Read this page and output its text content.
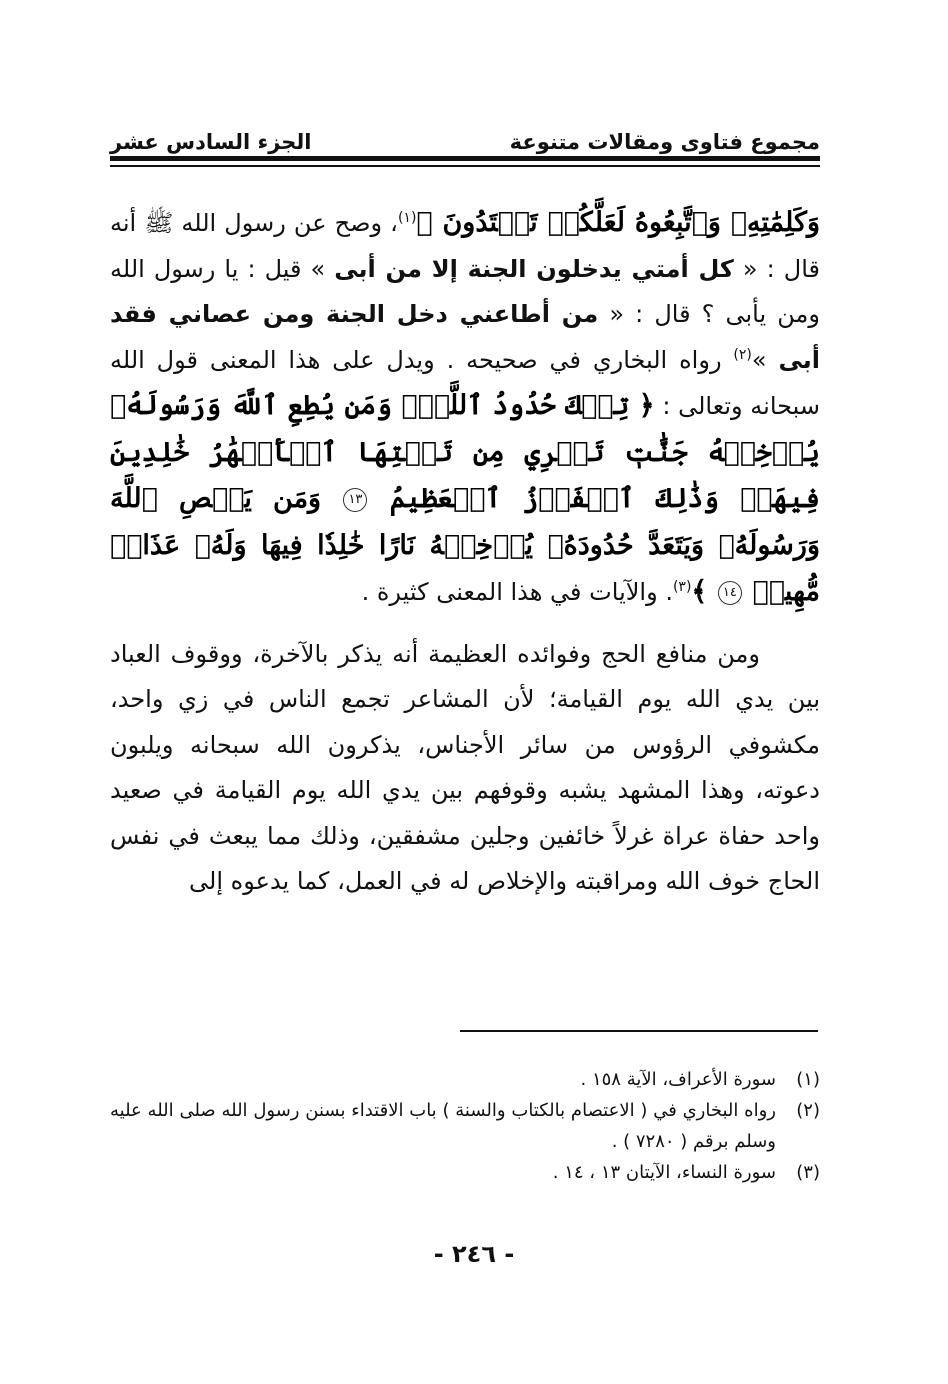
مجموع فتاوى ومقالات متنوعة
الجزء السادس عشر

وَكَلِمَٰتِهِۦ وَٱتَّبِعُوهُ لَعَلَّكُمۡ تَهۡتَدُونَ ﴾$^{(١)}$، وصح عن رسول الله ﷺ أنه قال : « كل أمتي يدخلون الجنة إلا من أبى » قيل : يا رسول الله ومن يأبى ؟ قال : « من أطاعني دخل الجنة ومن عصاني فقد أبى »$^{(٢)}$ رواه البخاري في صحيحه . ويدل على هذا المعنى قول الله سبحانه وتعالى : ﴿ تِلۡكَ حُدُودُ ٱللَّهِۚ وَمَن يُطِعِ ٱللَّهَ وَرَسُولَهُۥ يُدۡخِلۡهُ جَنَّٰتٖ تَجۡرِي مِن تَحۡتِهَا ٱلۡأَنۡهَٰرُ خَٰلِدِينَ فِيهَاۚ وَذَٰلِكَ ٱلۡفَوۡزُ ٱلۡعَظِيمُ ١٣ وَمَن يَعۡصِ ٱللَّهَ وَرَسُولَهُۥ وَيَتَعَدَّ حُدُودَهُۥ يُدۡخِلۡهُ نَارًا خَٰلِدٗا فِيهَا وَلَهُۥ عَذَابٞ مُّهِينٞ ١٤ ﴾$^{(٣)}$. والآيات في هذا المعنى كثيرة .

ومن منافع الحج وفوائده العظيمة أنه يذكر بالآخرة، ووقوف العباد بين يدي الله يوم القيامة؛ لأن المشاعر تجمع الناس في زي واحد، مكشوفي الرؤوس من سائر الأجناس، يذكرون الله سبحانه ويلبون دعوته، وهذا المشهد يشبه وقوفهم بين يدي الله يوم القيامة في صعيد واحد حفاة عراة غرلاً خائفين وجلين مشفقين، وذلك مما يبعث في نفس الحاج خوف الله ومراقبته والإخلاص له في العمل، كما يدعوه إلى

(١)
سورة الأعراف، الآية ١٥٨ .
(٢)
رواه البخاري في ( الاعتصام بالكتاب والسنة ) باب الاقتداء بسنن رسول الله صلى الله عليه وسلم برقم ( ٧٢٨٠ ) .
(٣)
سورة النساء، الآيتان ١٣ ، ١٤ .
- ٢٤٦ -
